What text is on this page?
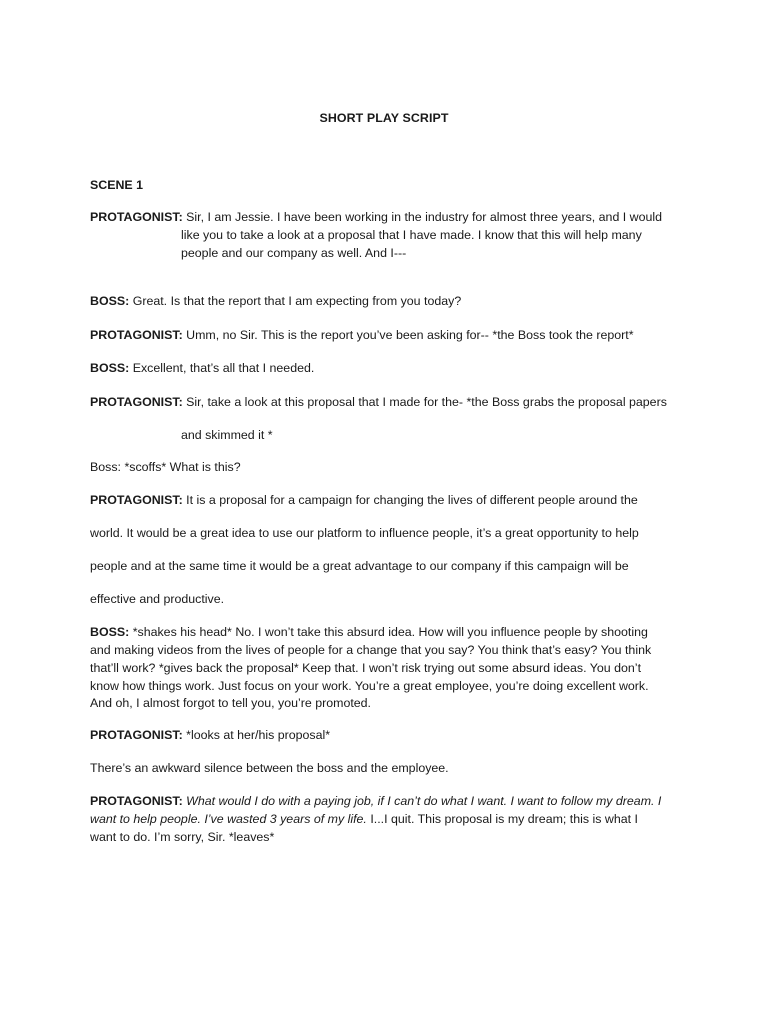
SHORT PLAY SCRIPT
SCENE 1
PROTAGONIST: Sir, I am Jessie. I have been working in the industry for almost three years, and I would
like you to take a look at a proposal that I have made. I know that this will help many
people and our company as well. And I---
BOSS: Great. Is that the report that I am expecting from you today?
PROTAGONIST: Umm, no Sir. This is the report you’ve been asking for-- *the Boss took the report*
BOSS: Excellent, that’s all that I needed.
PROTAGONIST: Sir, take a look at this proposal that I made for the- *the Boss grabs the proposal papers
and skimmed it *
Boss: *scoffs* What is this?
PROTAGONIST: It is a proposal for a campaign for changing the lives of different people around the
world. It would be a great idea to use our platform to influence people, it’s a great opportunity to help
people and at the same time it would be a great advantage to our company if this campaign will be
effective and productive.
BOSS: *shakes his head* No. I won’t take this absurd idea. How will you influence people by shooting
and making videos from the lives of people for a change that you say? You think that’s easy? You think
that’ll work? *gives back the proposal* Keep that. I won’t risk trying out some absurd ideas. You don’t
know how things work. Just focus on your work. You’re a great employee, you’re doing excellent work.
And oh, I almost forgot to tell you, you’re promoted.
PROTAGONIST: *looks at her/his proposal*
There’s an awkward silence between the boss and the employee.
PROTAGONIST: What would I do with a paying job, if I can’t do what I want. I want to follow my dream. I
want to help people. I’ve wasted 3 years of my life. I...I quit. This proposal is my dream; this is what I
want to do. I’m sorry, Sir. *leaves*
